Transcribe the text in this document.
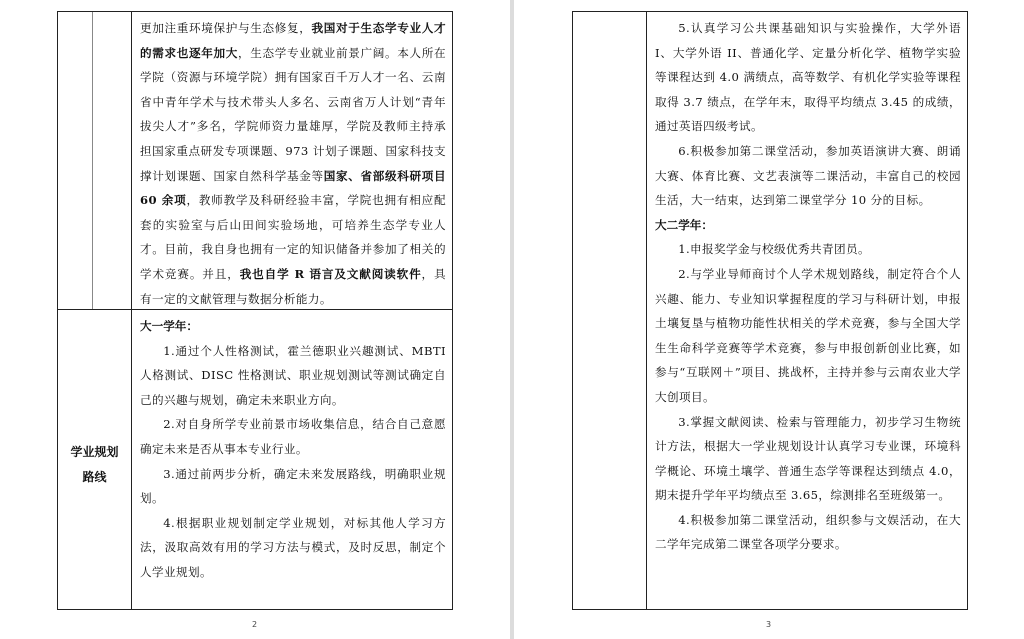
更加注重环境保护与生态修复，我国对于生态学专业人才的需求也逐年加大，生态学专业就业前景广阔。本人所在学院（资源与环境学院）拥有国家百千万人才一名、云南省中青年学术与技术带头人多名、云南省万人计划“青年拔尖人才”多名，学院师资力量雄厚，学院及教师主持承担国家重点研发专项课题、973 计划子课题、国家科技支撑计划课题、国家自然科学基金等国家、省部级科研项目 60 余项，教师教学及科研经验丰富，学院也拥有相应配套的实验室与后山田间实验场地，可培养生态学专业人才。目前，我自身也拥有一定的知识储备并参加了相关的学术竞赛。并且，我也自学 R 语言及文献阅读软件，具有一定的文献管理与数据分析能力。

学业规划
路线

大一学年：

1.通过个人性格测试，霍兰德职业兴趣测试、MBTI 人格测试、DISC 性格测试、职业规划测试等测试确定自己的兴趣与规划，确定未来职业方向。

2.对自身所学专业前景市场收集信息，结合自己意愿确定未来是否从事本专业行业。

3.通过前两步分析，确定未来发展路线，明确职业规划。

4.根据职业规划制定学业规划，对标其他人学习方法，汲取高效有用的学习方法与模式，及时反思，制定个人学业规划。

2

5.认真学习公共课基础知识与实验操作，大学外语 I、大学外语 II、普通化学、定量分析化学、植物学实验等课程达到 4.0 满绩点，高等数学、有机化学实验等课程取得 3.7 绩点，在学年末，取得平均绩点 3.45 的成绩，通过英语四级考试。

6.积极参加第二课堂活动，参加英语演讲大赛、朗诵大赛、体育比赛、文艺表演等二课活动，丰富自己的校园生活，大一结束，达到第二课堂学分 10 分的目标。

大二学年：

1.申报奖学金与校级优秀共青团员。

2.与学业导师商讨个人学术规划路线，制定符合个人兴趣、能力、专业知识掌握程度的学习与科研计划，申报土壤复垦与植物功能性状相关的学术竞赛，参与全国大学生生命科学竞赛等学术竞赛，参与申报创新创业比赛，如参与“互联网＋”项目、挑战杯，主持并参与云南农业大学大创项目。

3.掌握文献阅读、检索与管理能力，初步学习生物统计方法，根据大一学业规划设计认真学习专业课，环境科学概论、环境土壤学、普通生态学等课程达到绩点 4.0，期末提升学年平均绩点至 3.65，综测排名至班级第一。

4.积极参加第二课堂活动，组织参与文娱活动，在大二学年完成第二课堂各项学分要求。

3
